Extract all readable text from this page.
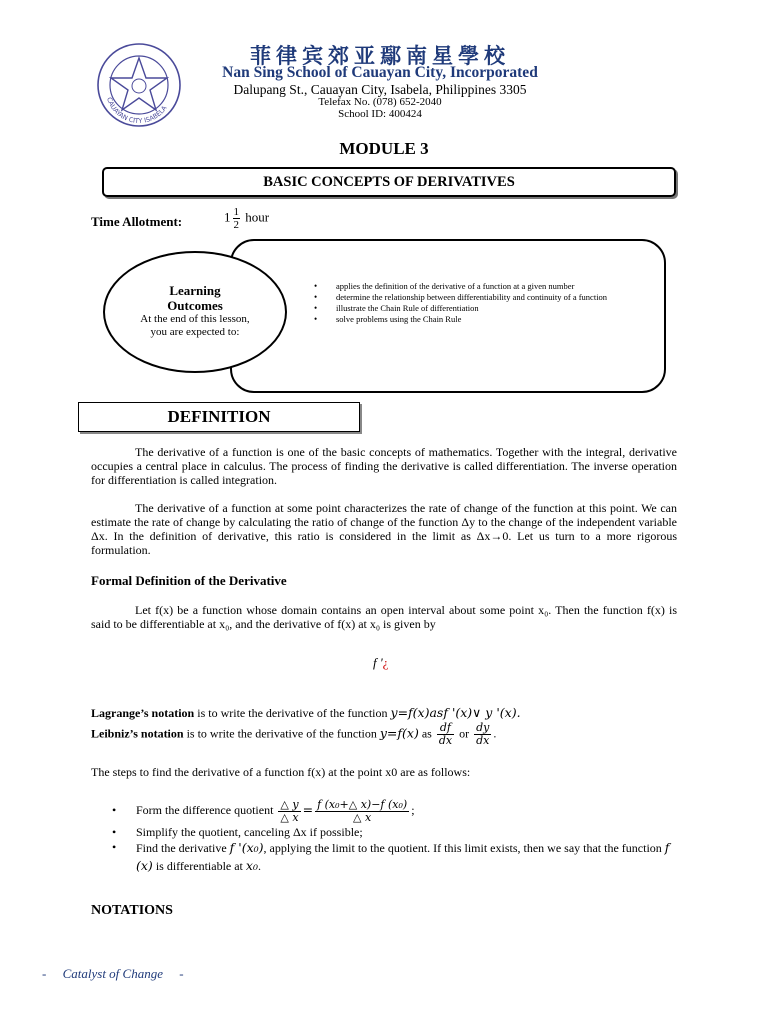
CAUAYAN CITY ISABELA
菲律宾郊亚鄢南星學校
Nan Sing School of Cauayan City, Incorporated
Dalupang St., Cauayan City, Isabela, Philippines 3305
Telefax No. (078) 652-2040
School ID: 400424
MODULE 3
BASIC CONCEPTS OF DERIVATIVES
Time Allotment:	$1 \frac{1}{2}$ hour
• applies the definition of the derivative of a function at a given number
• determine the relationship between differentiability and continuity of a function
• illustrate the Chain Rule of differentiation
• solve problems using the Chain Rule
Learning
Outcomes
At the end of this lesson, you are expected to:
DEFINITION

The derivative of a function is one of the basic concepts of mathematics. Together with the integral, derivative occupies a central place in calculus. The process of finding the derivative is called differentiation. The inverse operation for differentiation is called integration.

The derivative of a function at some point characterizes the rate of change of the function at this point. We can estimate the rate of change by calculating the ratio of change of the function Δy to the change of the independent variable Δx. In the definition of derivative, this ratio is considered in the limit as Δx→0. Let us turn to a more rigorous formulation.

Formal Definition of the Derivative

Let f(x) be a function whose domain contains an open interval about some point x₀. Then the function f(x) is said to be differentiable at x₀, and the derivative of f(x) at x₀ is given by

f '¿
Lagrange’s notation is to write the derivative of the function y=f(x)asf '(x)∨ y '(x).
Leibniz’s notation is to write the derivative of the function y=f(x) as $\frac{df}{dx}$ or $\frac{dy}{dx}$ .
The steps to find the derivative of a function f(x) at the point x0 are as follows:
• Form the difference quotient $\frac{\triangle y}{\triangle x} = \frac{\text{f (x₀+△ x)−f (x₀)}}{\triangle x}$ ;
• Simplify the quotient, canceling Δx if possible;
• Find the derivative f '(x₀), applying the limit to the quotient. If this limit exists, then we say that the function f (x) is differentiable at x₀.
NOTATIONS
- Catalyst of Change -
